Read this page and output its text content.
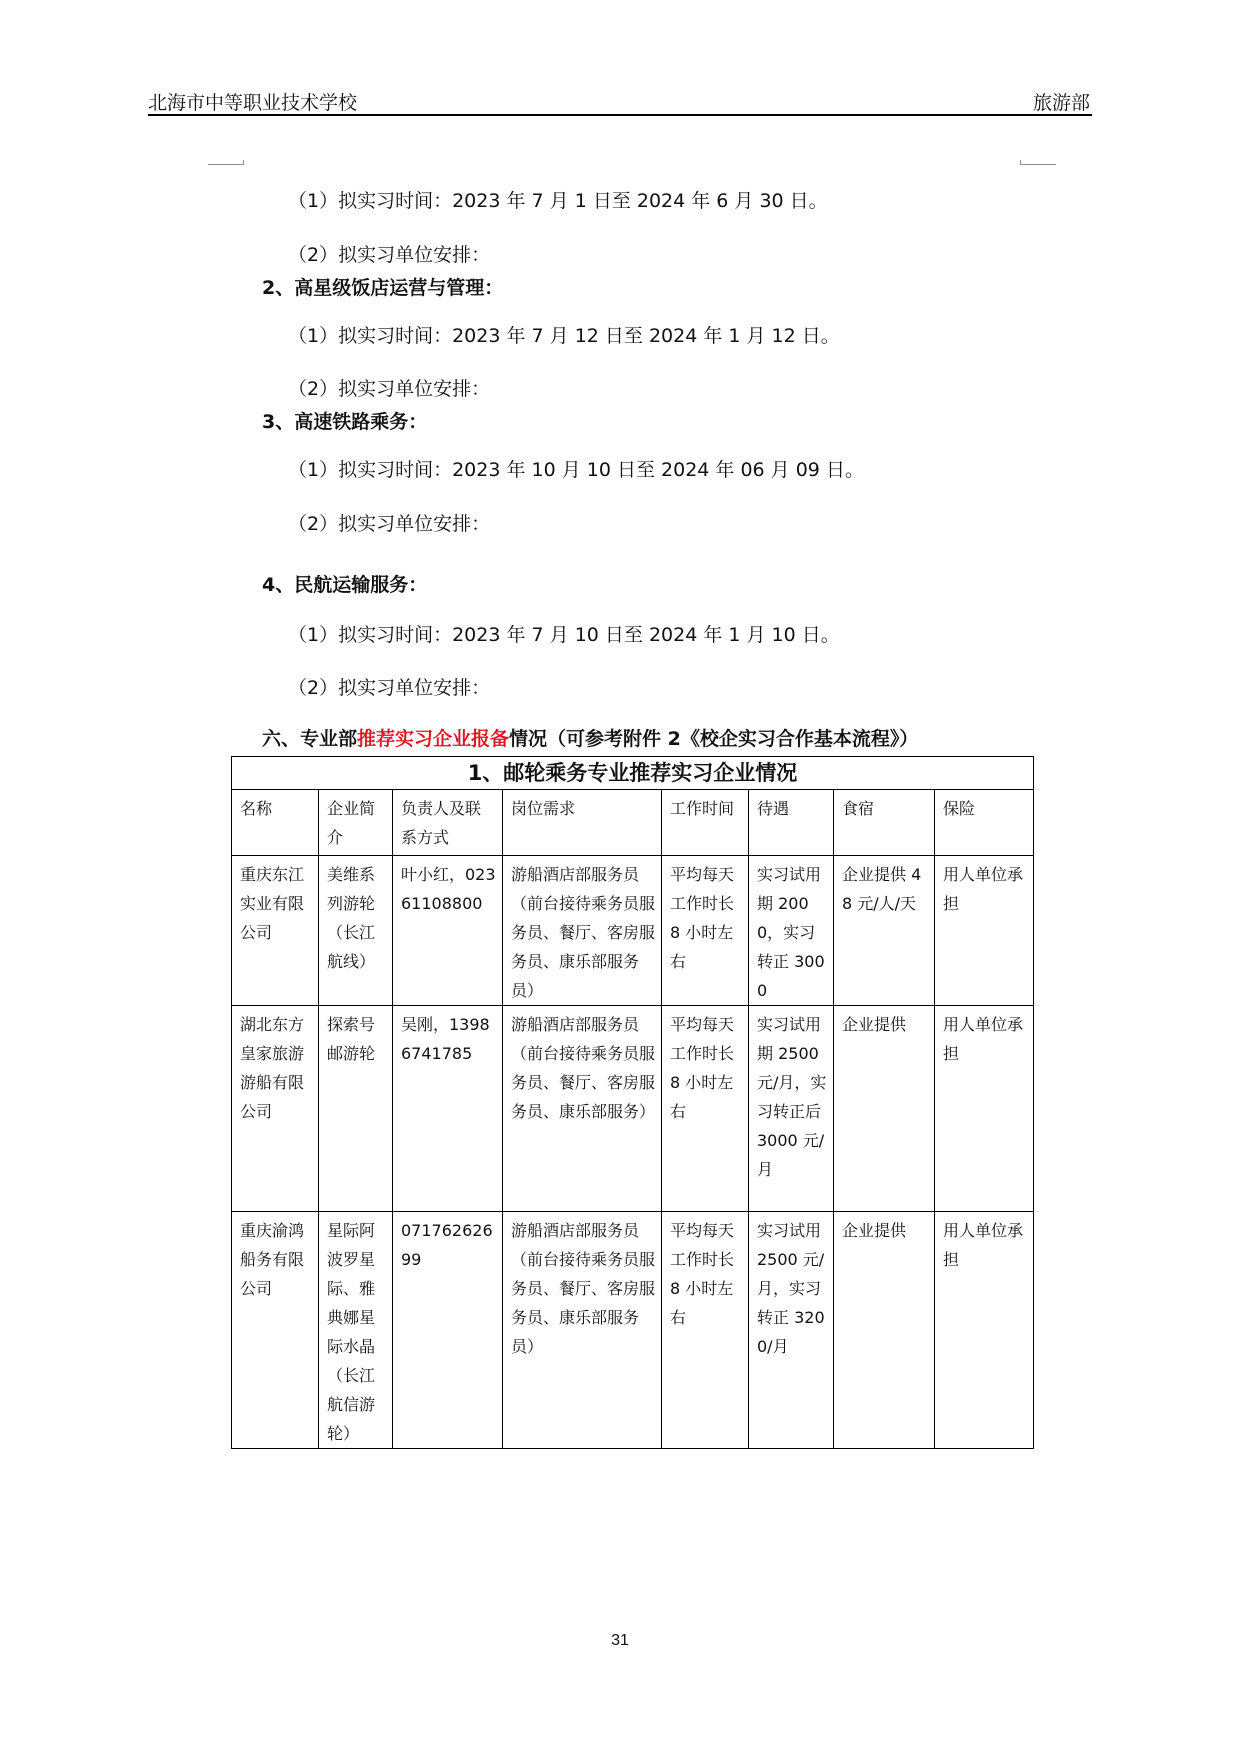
北海市中等职业技术学校	旅游部
（1）拟实习时间：2023 年 7 月 1 日至 2024 年 6 月 30 日。
（2）拟实习单位安排：
2、高星级饭店运营与管理：
（1）拟实习时间：2023 年 7 月 12 日至 2024 年 1 月 12 日。
（2）拟实习单位安排：
3、高速铁路乘务：
（1）拟实习时间：2023 年 10 月 10 日至 2024 年 06 月 09 日。
（2）拟实习单位安排：
4、民航运输服务：
（1）拟实习时间：2023 年 7 月 10 日至 2024 年 1 月 10 日。
（2）拟实习单位安排：
六、专业部推荐实习企业报备情况（可参考附件 2《校企实习合作基本流程》）
1、邮轮乘务专业推荐实习企业情况							
名称	企业简介	负责人及联系方式	岗位需求	工作时间	待遇	食宿	保险
重庆东江实业有限公司	美维系列游轮（长江航线）	叶小红，02361108800	游船酒店部服务员（前台接待乘务员服务员、餐厅、客房服务员、康乐部服务员）	平均每天工作时长 8 小时左右	实习试用期 2000，实习转正 3000	企业提供 48 元/人/天	用人单位承担
湖北东方皇家旅游游船有限公司	探索号邮游轮	吴刚，13986741785	游船酒店部服务员（前台接待乘务员服务员、餐厅、客房服务员、康乐部服务）	平均每天工作时长 8 小时左右	实习试用期 2500 元/月，实习转正后 3000 元/月	企业提供	用人单位承担
重庆渝鸿船务有限公司	星际阿波罗星际、雅典娜星际水晶（长江航信游轮）	07176262699	游船酒店部服务员（前台接待乘务员服务员、餐厅、客房服务员、康乐部服务员）	平均每天工作时长 8 小时左右	实习试用 2500 元/月，实习转正 3200/月	企业提供	用人单位承担
31
